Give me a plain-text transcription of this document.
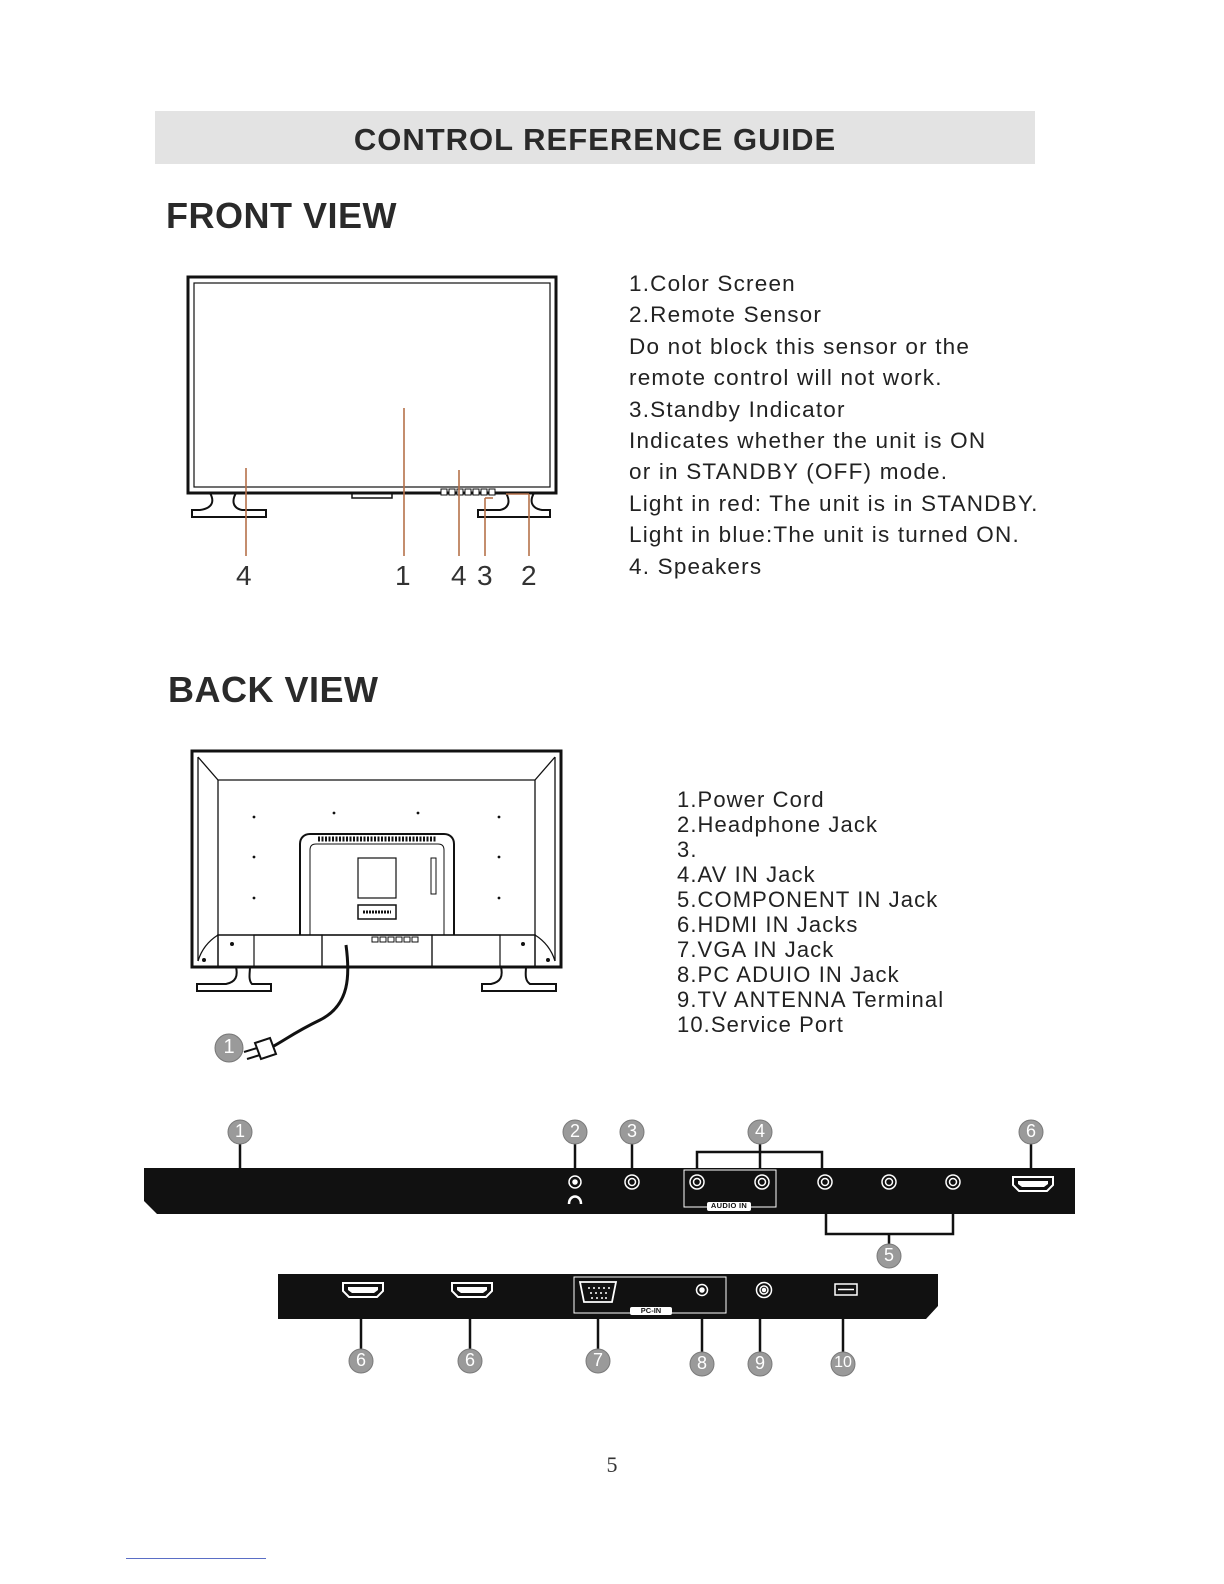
CONTROL REFERENCE GUIDE
FRONT VIEW
4	1 4 3 2
1.Color Screen
2.Remote Sensor
Do not block this sensor or the
remote control will not work.
3.Standby Indicator
Indicates whether the unit is ON
or in STANDBY (OFF) mode.
Light in red: The unit is in STANDBY.
Light in blue:The unit is turned ON.
4. Speakers
BACK VIEW
1
1.Power Cord
2.Headphone Jack
3.
4.AV IN Jack
5.COMPONENT IN Jack
6.HDMI IN Jacks
7.VGA IN Jack
8.PC ADUIO IN Jack
9.TV ANTENNA Terminal
10.Service Port
AUDIO IN
PC-IN
1	2	3	4	6
5
6	6	7	8	9	10
5
